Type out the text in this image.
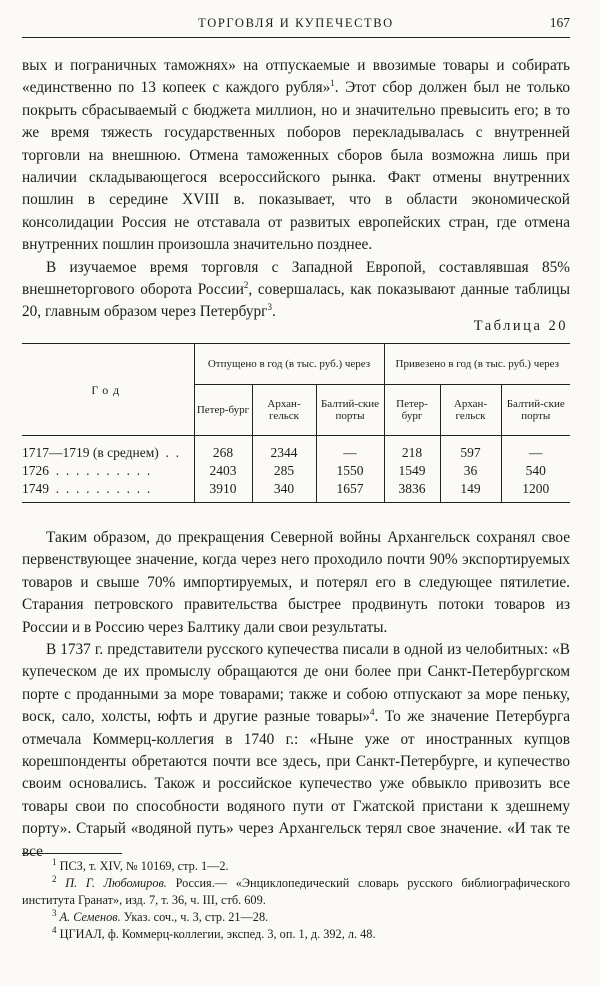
ТОРГОВЛЯ И КУПЕЧЕСТВО	167

вых и пограничных таможнях» на отпускаемые и ввозимые товары и собирать «единственно по 13 копеек с каждого рубля»$^1$. Этот сбор должен был не только покрыть сбрасываемый с бюджета миллион, но и значительно превысить его; в то же время тяжесть государственных поборов перекладывалась с внутренней торговли на внешнюю. Отмена таможенных сборов была возможна лишь при наличии складывающегося всероссийского рынка. Факт отмены внутренних пошлин в середине XVIII в. показывает, что в области экономической консолидации Россия не отставала от развитых европейских стран, где отмена внутренних пошлин произошла значительно позднее.

В изучаемое время торговля с Западной Европой, составлявшая 85% внешнеторгового оборота России$^2$, совершалась, как показывают данные таблицы 20, главным образом через Петербург$^3$.

Таблица 20
Год	Отпущено в год (в тыс. руб.) через			Привезено в год (в тыс. руб.) через		
	Петер-бург	Архан-гельск	Балтий-ские порты	Петер-бург	Архан-гельск	Балтий-ские порты
1717—1719 (в среднем)  .  .	268	2344	—	218	597	—
1726  .  .  .  .  .  .  .  .  .  .	2403	285	1550	1549	36	540
1749  .  .  .  .  .  .  .  .  .  .	3910	340	1657	3836	149	1200

Таким образом, до прекращения Северной войны Архангельск сохранял свое первенствующее значение, когда через него проходило почти 90% экспортируемых товаров и свыше 70% импортируемых, и потерял его в следующее пятилетие. Старания петровского правительства быстрее продвинуть потоки товаров из России и в Россию через Балтику дали свои результаты.

В 1737 г. представители русского купечества писали в одной из челобитных: «В купеческом де их промыслу обращаются де они более при Санкт-Петербургском порте с проданными за море товарами; также и собою отпускают за море пеньку, воск, сало, холсты, юфть и другие разные товары»$^4$. То же значение Петербурга отмечала Коммерц-коллегия в 1740 г.: «Ныне уже от иностранных купцов корешпонденты обретаются почти все здесь, при Санкт-Петербурге, и купечество своим основались. Також и российское купечество уже обвыкло привозить все товары свои по способности водяного пути от Гжатской пристани к здешнему порту». Старый «водяной путь» через Архангельск терял свое значение. «И так те все

$^1$ ПСЗ, т. XIV, № 10169, стр. 1—2.

$^2$ П. Г. Любомиров. Россия.— «Энциклопедический словарь русского библиографического института Гранат», изд. 7, т. 36, ч. III, стб. 609.

$^3$ А. Семенов. Указ. соч., ч. 3, стр. 21—28.

$^4$ ЦГИАЛ, ф. Коммерц-коллегии, экспед. 3, оп. 1, д. 392, л. 48.
